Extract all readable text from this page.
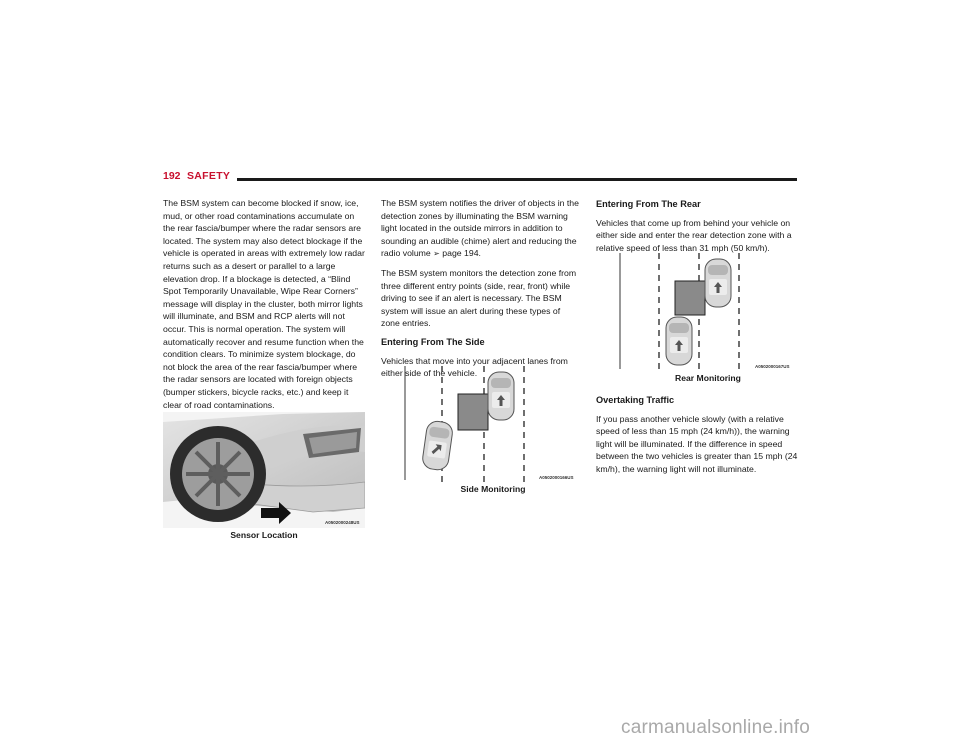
192 SAFETY

The BSM system can become blocked if snow, ice, mud, or other road contaminations accumulate on the rear fascia/bumper where the radar sensors are located. The system may also detect blockage if the vehicle is operated in areas with extremely low radar returns such as a desert or parallel to a large elevation drop. If a blockage is detected, a “Blind Spot Temporarily Unavailable, Wipe Rear Corners” message will display in the cluster, both mirror lights will illuminate, and BSM and RCP alerts will not occur. This is normal operation. The system will automatically recover and resume function when the condition clears. To minimize system blockage, do not block the area of the rear fascia/bumper where the radar sensors are located with foreign objects (bumper stickers, bicycle racks, etc.) and keep it clear of road contaminations.

A0502000248US
Sensor Location

The BSM system notifies the driver of objects in the detection zones by illuminating the BSM warning light located in the outside mirrors in addition to sounding an audible (chime) alert and reducing the radio volume ➢ page 194.

The BSM system monitors the detection zone from three different entry points (side, rear, front) while driving to see if an alert is necessary. The BSM system will issue an alert during these types of zone entries.

Entering From The Side

Vehicles that move into your adjacent lanes from either side of the vehicle.

A0502000166US
Side Monitoring
Entering From The Rear

Vehicles that come up from behind your vehicle on either side and enter the rear detection zone with a relative speed of less than 31 mph (50 km/h).

A0502000167US
Rear Monitoring
Overtaking Traffic

If you pass another vehicle slowly (with a relative speed of less than 15 mph (24 km/h)), the warning light will be illuminated. If the difference in speed between the two vehicles is greater than 15 mph (24 km/h), the warning light will not illuminate.

carmanualsonline.info
